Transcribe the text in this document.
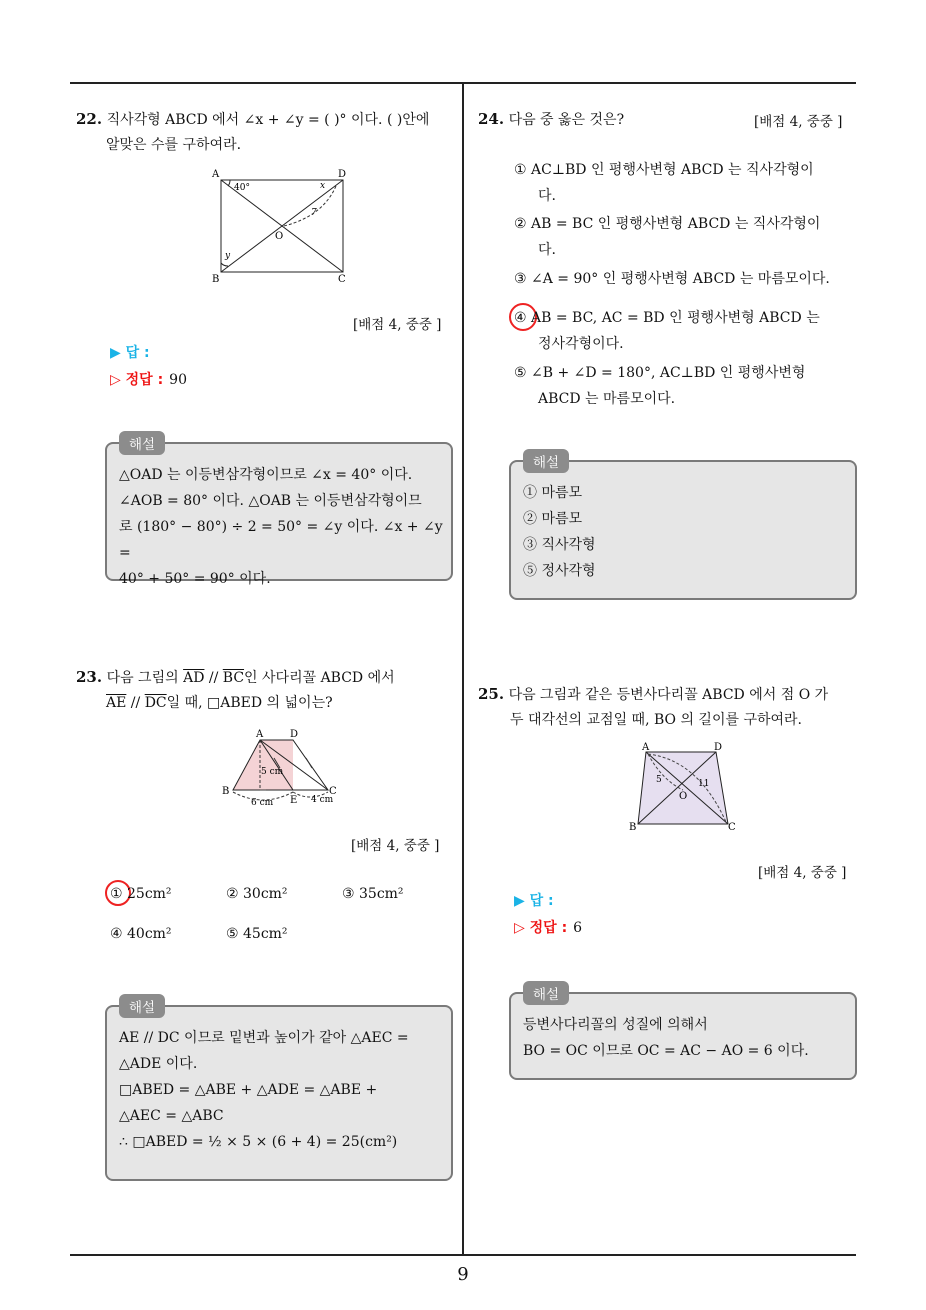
22. 직사각형 ABCD 에서 ∠x + ∠y = ( )° 이다. ( )안에
알맞은 수를 구하여라.
A	D
B	C
O
40°	x
y
7
[배점 4, 중중 ]
▶ 답 :
▷ 정답 : 90
해설
△OAD 는 이등변삼각형이므로 ∠x = 40° 이다.
∠AOB = 80° 이다. △OAB 는 이등변삼각형이므
로 (180° − 80°) ÷ 2 = 50° = ∠y 이다. ∠x + ∠y =
40° + 50° = 90° 이다.
23. 다음 그림의 $\overline{AD} // \overline{BC}$인 사다리꼴 ABCD 에서
$\overline{AE} // \overline{DC}$일 때, □ABED 의 넓이는?
A	D
B	C
E
5 cm
6 cm	4 cm
[배점 4, 중중 ]
① 25cm²	② 30cm²	③ 35cm²
④ 40cm²	⑤ 45cm²
해설
AE // DC 이므로 밑변과 높이가 같아 △AEC =
△ADE 이다.
□ABED = △ABE + △ADE = △ABE +
△AEC = △ABC
∴ □ABED = ½ × 5 × (6 + 4) = 25(cm²)
24. 다음 중 옳은 것은?	[배점 4, 중중 ]
① AC⊥BD 인 평행사변형 ABCD 는 직사각형이
다.
② AB = BC 인 평행사변형 ABCD 는 직사각형이
다.
③ ∠A = 90° 인 평행사변형 ABCD 는 마름모이다.
④ AB = BC, AC = BD 인 평행사변형 ABCD 는
정사각형이다.
⑤ ∠B + ∠D = 180°, AC⊥BD 인 평행사변형
ABCD 는 마름모이다.
해설
① 마름모
② 마름모
③ 직사각형
⑤ 정사각형
25. 다음 그림과 같은 등변사다리꼴 ABCD 에서 점 O 가
두 대각선의 교점일 때, BO 의 길이를 구하여라.
A	D
B	C
O
5	11
[배점 4, 중중 ]
▶ 답 :
▷ 정답 : 6
해설
등변사다리꼴의 성질에 의해서
BO = OC 이므로 OC = AC − AO = 6 이다.
9
